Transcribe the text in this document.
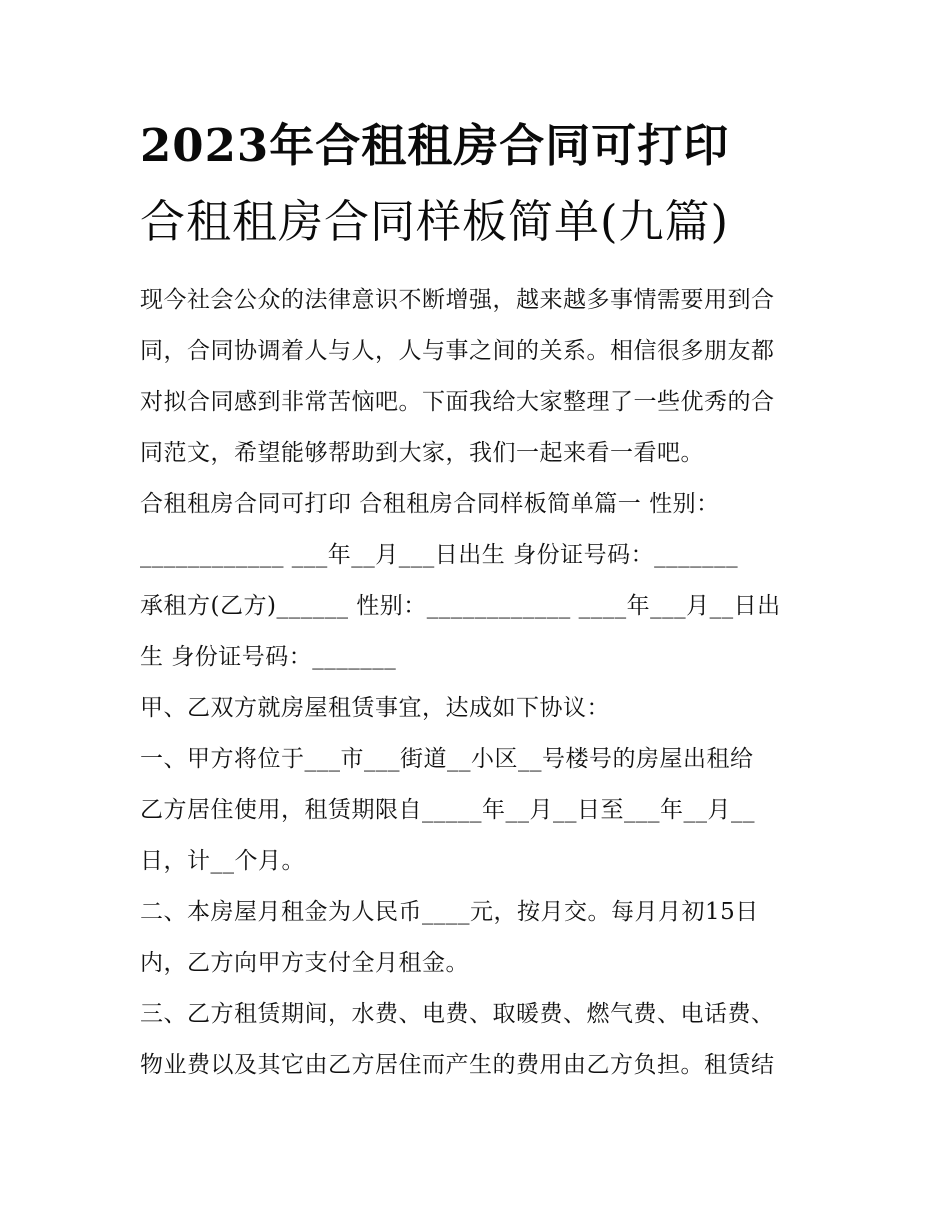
2023年合租租房合同可打印
合租租房合同样板简单(九篇)
现今社会公众的法律意识不断增强，越来越多事情需要用到合
同，合同协调着人与人，人与事之间的关系。相信很多朋友都
对拟合同感到非常苦恼吧。下面我给大家整理了一些优秀的合
同范文，希望能够帮助到大家，我们一起来看一看吧。
合租租房合同可打印 合租租房合同样板简单篇一 性别：
____________ ___年__月___日出生 身份证号码：_______
承租方(乙方)______ 性别：____________ ____年___月__日出
生 身份证号码：_______
甲、乙双方就房屋租赁事宜，达成如下协议：
一、甲方将位于___市___街道__小区__号楼号的房屋出租给
乙方居住使用，租赁期限自_____年__月__日至___年__月__
日，计__个月。
二、本房屋月租金为人民币____元，按月交。每月月初15日
内，乙方向甲方支付全月租金。
三、乙方租赁期间，水费、电费、取暖费、燃气费、电话费、
物业费以及其它由乙方居住而产生的费用由乙方负担。租赁结
